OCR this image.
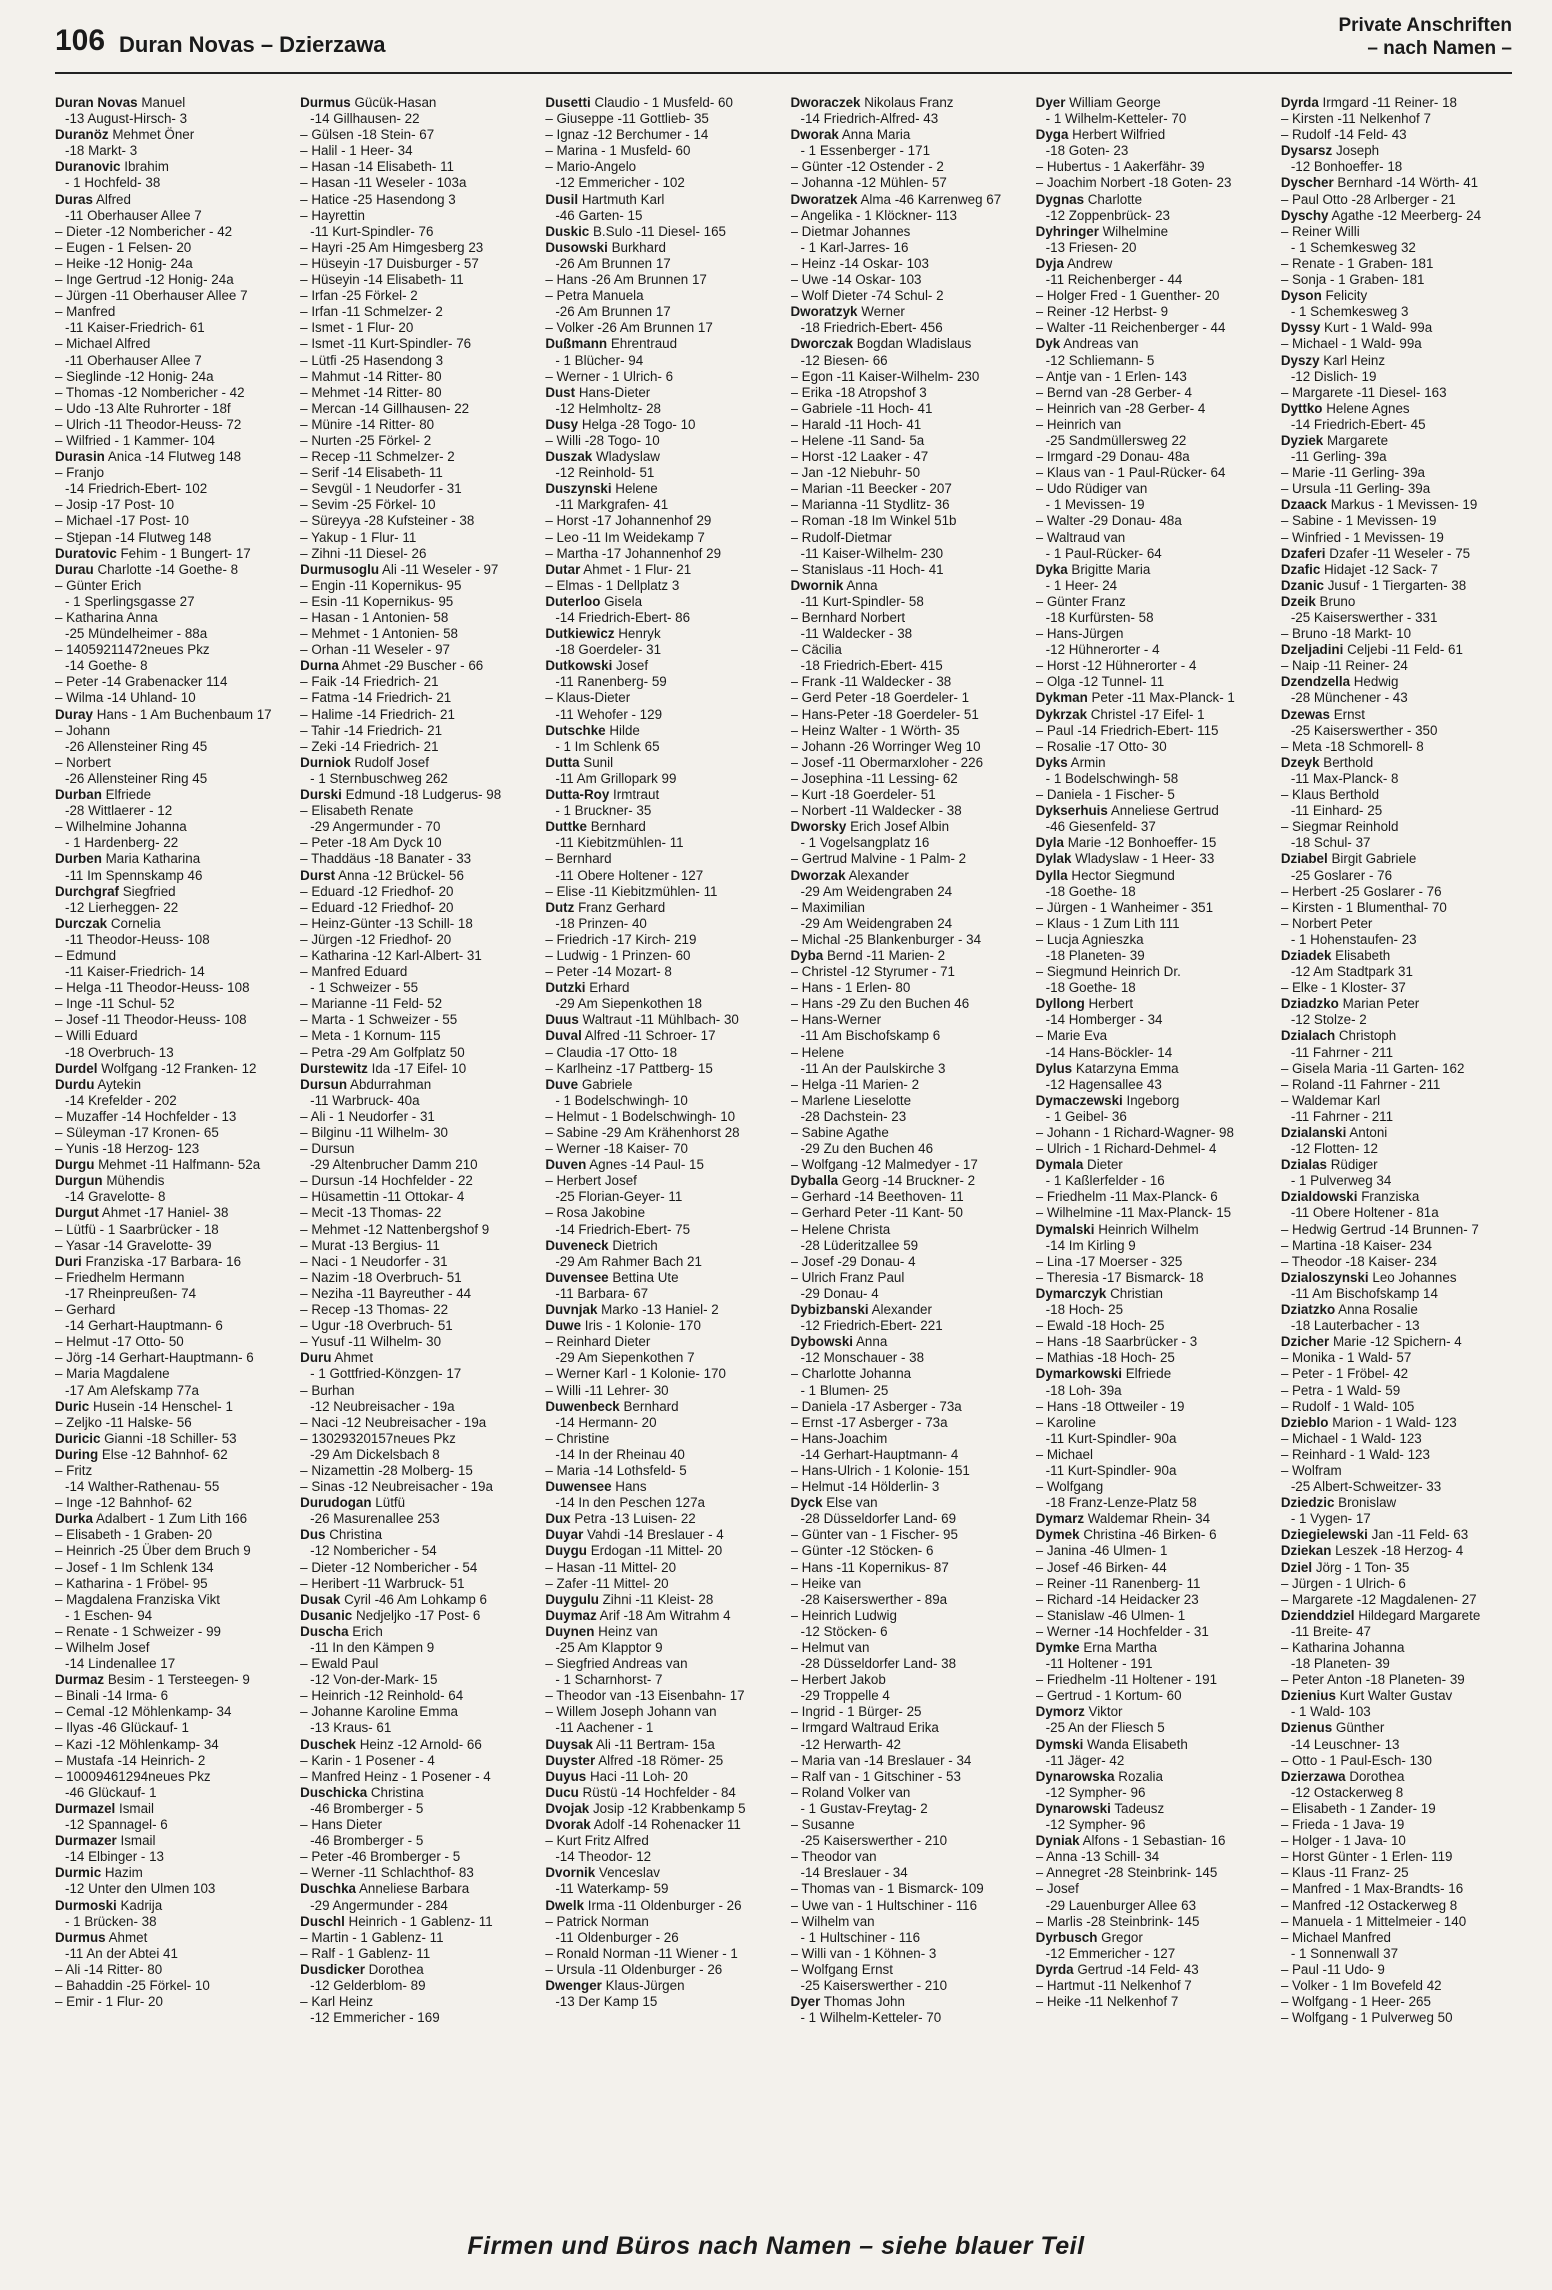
106 Duran Novas – Dzierzawa
Private Anschriften
– nach Namen –
Duran Novas Manuel
-13 August-Hirsch- 3
Duranöz Mehmet Öner
-18 Markt- 3
Duranovic Ibrahim
- 1 Hochfeld- 38
Duras Alfred
-11 Oberhauser Allee 7
– Dieter -12 Nombericher - 42
– Eugen - 1 Felsen- 20
– Heike -12 Honig- 24a
– Inge Gertrud -12 Honig- 24a
– Jürgen -11 Oberhauser Allee 7
– Manfred
-11 Kaiser-Friedrich- 61
– Michael Alfred
-11 Oberhauser Allee 7
– Sieglinde -12 Honig- 24a
– Thomas -12 Nombericher - 42
– Udo -13 Alte Ruhrorter - 18f
– Ulrich -11 Theodor-Heuss- 72
– Wilfried - 1 Kammer- 104
Durasin Anica -14 Flutweg 148
– Franjo
-14 Friedrich-Ebert- 102
– Josip -17 Post- 10
– Michael -17 Post- 10
– Stjepan -14 Flutweg 148
Duratovic Fehim - 1 Bungert- 17
Durau Charlotte -14 Goethe- 8
– Günter Erich
- 1 Sperlingsgasse 27
– Katharina Anna
-25 Mündelheimer - 88a
– 14059211472neues Pkz
-14 Goethe- 8
– Peter -14 Grabenacker 114
– Wilma -14 Uhland- 10
Duray Hans - 1 Am Buchenbaum 17
– Johann
-26 Allensteiner Ring 45
– Norbert
-26 Allensteiner Ring 45
Durban Elfriede
-28 Wittlaerer - 12
– Wilhelmine Johanna
- 1 Hardenberg- 22
Durben Maria Katharina
-11 Im Spennskamp 46
Durchgraf Siegfried
-12 Lierheggen- 22
Durczak Cornelia
-11 Theodor-Heuss- 108
– Edmund
-11 Kaiser-Friedrich- 14
– Helga -11 Theodor-Heuss- 108
– Inge -11 Schul- 52
– Josef -11 Theodor-Heuss- 108
– Willi Eduard
-18 Overbruch- 13
Durdel Wolfgang -12 Franken- 12
Durdu Aytekin
-14 Krefelder - 202
– Muzaffer -14 Hochfelder - 13
– Süleyman -17 Kronen- 65
– Yunis -18 Herzog- 123
Durgu Mehmet -11 Halfmann- 52a
Durgun Mühendis
-14 Gravelotte- 8
Durgut Ahmet -17 Haniel- 38
– Lütfü - 1 Saarbrücker - 18
– Yasar -14 Gravelotte- 39
Duri Franziska -17 Barbara- 16
– Friedhelm Hermann
-17 Rheinpreußen- 74
– Gerhard
-14 Gerhart-Hauptmann- 6
– Helmut -17 Otto- 50
– Jörg -14 Gerhart-Hauptmann- 6
– Maria Magdalene
-17 Am Alefskamp 77a
Duric Husein -14 Henschel- 1
– Zeljko -11 Halske- 56
Duricic Gianni -18 Schiller- 53
During Else -12 Bahnhof- 62
– Fritz
-14 Walther-Rathenau- 55
– Inge -12 Bahnhof- 62
Durka Adalbert - 1 Zum Lith 166
– Elisabeth - 1 Graben- 20
– Heinrich -25 Über dem Bruch 9
– Josef - 1 Im Schlenk 134
– Katharina - 1 Fröbel- 95
– Magdalena Franziska Vikt
- 1 Eschen- 94
– Renate - 1 Schweizer - 99
– Wilhelm Josef
-14 Lindenallee 17
Durmaz Besim - 1 Tersteegen- 9
– Binali -14 Irma- 6
– Cemal -12 Möhlenkamp- 34
– Ilyas -46 Glückauf- 1
– Kazi -12 Möhlenkamp- 34
– Mustafa -14 Heinrich- 2
– 10009461294neues Pkz
-46 Glückauf- 1
Durmazel Ismail
-12 Spannagel- 6
Durmazer Ismail
-14 Elbinger - 13
Durmic Hazim
-12 Unter den Ulmen 103
Durmoski Kadrija
- 1 Brücken- 38
Durmus Ahmet
-11 An der Abtei 41
– Ali -14 Ritter- 80
– Bahaddin -25 Förkel- 10
– Emir - 1 Flur- 20
Durmus Gücük-Hasan
-14 Gillhausen- 22
– Gülsen -18 Stein- 67
– Halil - 1 Heer- 34
– Hasan -14 Elisabeth- 11
– Hasan -11 Weseler - 103a
– Hatice -25 Hasendong 3
– Hayrettin
-11 Kurt-Spindler- 76
– Hayri -25 Am Himgesberg 23
– Hüseyin -17 Duisburger - 57
– Hüseyin -14 Elisabeth- 11
– Irfan -25 Förkel- 2
– Irfan -11 Schmelzer- 2
– Ismet - 1 Flur- 20
– Ismet -11 Kurt-Spindler- 76
– Lütfi -25 Hasendong 3
– Mahmut -14 Ritter- 80
– Mehmet -14 Ritter- 80
– Mercan -14 Gillhausen- 22
– Münire -14 Ritter- 80
– Nurten -25 Förkel- 2
– Recep -11 Schmelzer- 2
– Serif -14 Elisabeth- 11
– Sevgül - 1 Neudorfer - 31
– Sevim -25 Förkel- 10
– Süreyya -28 Kufsteiner - 38
– Yakup - 1 Flur- 11
– Zihni -11 Diesel- 26
Durmusoglu Ali -11 Weseler - 97
– Engin -11 Kopernikus- 95
– Esin -11 Kopernikus- 95
– Hasan - 1 Antonien- 58
– Mehmet - 1 Antonien- 58
– Orhan -11 Weseler - 97
Durna Ahmet -29 Buscher - 66
– Faik -14 Friedrich- 21
– Fatma -14 Friedrich- 21
– Halime -14 Friedrich- 21
– Tahir -14 Friedrich- 21
– Zeki -14 Friedrich- 21
Durniok Rudolf Josef
- 1 Sternbuschweg 262
Durski Edmund -18 Ludgerus- 98
– Elisabeth Renate
-29 Angermunder - 70
– Peter -18 Am Dyck 10
– Thaddäus -18 Banater - 33
Durst Anna -12 Brückel- 56
– Eduard -12 Friedhof- 20
– Eduard -12 Friedhof- 20
– Heinz-Günter -13 Schill- 18
– Jürgen -12 Friedhof- 20
– Katharina -12 Karl-Albert- 31
– Manfred Eduard
- 1 Schweizer - 55
– Marianne -11 Feld- 52
– Marta - 1 Schweizer - 55
– Meta - 1 Kornum- 115
– Petra -29 Am Golfplatz 50
Durstewitz Ida -17 Eifel- 10
Dursun Abdurrahman
-11 Warbruck- 40a
– Ali - 1 Neudorfer - 31
– Bilginu -11 Wilhelm- 30
– Dursun
-29 Altenbrucher Damm 210
– Dursun -14 Hochfelder - 22
– Hüsamettin -11 Ottokar- 4
– Mecit -13 Thomas- 22
– Mehmet -12 Nattenbergshof 9
– Murat -13 Bergius- 11
– Naci - 1 Neudorfer - 31
– Nazim -18 Overbruch- 51
– Neziha -11 Bayreuther - 44
– Recep -13 Thomas- 22
– Ugur -18 Overbruch- 51
– Yusuf -11 Wilhelm- 30
Duru Ahmet
- 1 Gottfried-Könzgen- 17
– Burhan
-12 Neubreisacher - 19a
– Naci -12 Neubreisacher - 19a
– 13029320157neues Pkz
-29 Am Dickelsbach 8
– Nizamettin -28 Molberg- 15
– Sinas -12 Neubreisacher - 19a
Durudogan Lütfü
-26 Masurenallee 253
Dus Christina
-12 Nombericher - 54
– Dieter -12 Nombericher - 54
– Heribert -11 Warbruck- 51
Dusak Cyril -46 Am Lohkamp 6
Dusanic Nedjeljko -17 Post- 6
Duscha Erich
-11 In den Kämpen 9
– Ewald Paul
-12 Von-der-Mark- 15
– Heinrich -12 Reinhold- 64
– Johanne Karoline Emma
-13 Kraus- 61
Duschek Heinz -12 Arnold- 66
– Karin - 1 Posener - 4
– Manfred Heinz - 1 Posener - 4
Duschicka Christina
-46 Bromberger - 5
– Hans Dieter
-46 Bromberger - 5
– Peter -46 Bromberger - 5
– Werner -11 Schlachthof- 83
Duschka Anneliese Barbara
-29 Angermunder - 284
Duschl Heinrich - 1 Gablenz- 11
– Martin - 1 Gablenz- 11
– Ralf - 1 Gablenz- 11
Dusdicker Dorothea
-12 Gelderblom- 89
– Karl Heinz
-12 Emmericher - 169
Dusetti Claudio - 1 Musfeld- 60
– Giuseppe -11 Gottlieb- 35
– Ignaz -12 Berchumer - 14
– Marina - 1 Musfeld- 60
– Mario-Angelo
-12 Emmericher - 102
Dusil Hartmuth Karl
-46 Garten- 15
Duskic B.Sulo -11 Diesel- 165
Dusowski Burkhard
-26 Am Brunnen 17
– Hans -26 Am Brunnen 17
– Petra Manuela
-26 Am Brunnen 17
– Volker -26 Am Brunnen 17
Dußmann Ehrentraud
- 1 Blücher- 94
– Werner - 1 Ulrich- 6
Dust Hans-Dieter
-12 Helmholtz- 28
Dusy Helga -28 Togo- 10
– Willi -28 Togo- 10
Duszak Wladyslaw
-12 Reinhold- 51
Duszynski Helene
-11 Markgrafen- 41
– Horst -17 Johannenhof 29
– Leo -11 Im Weidekamp 7
– Martha -17 Johannenhof 29
Dutar Ahmet - 1 Flur- 21
– Elmas - 1 Dellplatz 3
Duterloo Gisela
-14 Friedrich-Ebert- 86
Dutkiewicz Henryk
-18 Goerdeler- 31
Dutkowski Josef
-11 Ranenberg- 59
– Klaus-Dieter
-11 Wehofer - 129
Dutschke Hilde
- 1 Im Schlenk 65
Dutta Sunil
-11 Am Grillopark 99
Dutta-Roy Irmtraut
- 1 Bruckner- 35
Duttke Bernhard
-11 Kiebitzmühlen- 11
– Bernhard
-11 Obere Holtener - 127
– Elise -11 Kiebitzmühlen- 11
Dutz Franz Gerhard
-18 Prinzen- 40
– Friedrich -17 Kirch- 219
– Ludwig - 1 Prinzen- 60
– Peter -14 Mozart- 8
Dutzki Erhard
-29 Am Siepenkothen 18
Duus Waltraut -11 Mühlbach- 30
Duval Alfred -11 Schroer- 17
– Claudia -17 Otto- 18
– Karlheinz -17 Pattberg- 15
Duve Gabriele
- 1 Bodelschwingh- 10
– Helmut - 1 Bodelschwingh- 10
– Sabine -29 Am Krähenhorst 28
– Werner -18 Kaiser- 70
Duven Agnes -14 Paul- 15
– Herbert Josef
-25 Florian-Geyer- 11
– Rosa Jakobine
-14 Friedrich-Ebert- 75
Duveneck Dietrich
-29 Am Rahmer Bach 21
Duvensee Bettina Ute
-11 Barbara- 67
Duvnjak Marko -13 Haniel- 2
Duwe Iris - 1 Kolonie- 170
– Reinhard Dieter
-29 Am Siepenkothen 7
– Werner Karl - 1 Kolonie- 170
– Willi -11 Lehrer- 30
Duwenbeck Bernhard
-14 Hermann- 20
– Christine
-14 In der Rheinau 40
– Maria -14 Lothsfeld- 5
Duwensee Hans
-14 In den Peschen 127a
Dux Petra -13 Luisen- 22
Duyar Vahdi -14 Breslauer - 4
Duygu Erdogan -11 Mittel- 20
– Hasan -11 Mittel- 20
– Zafer -11 Mittel- 20
Duygulu Zihni -11 Kleist- 28
Duymaz Arif -18 Am Witrahm 4
Duynen Heinz van
-25 Am Klapptor 9
– Siegfried Andreas van
- 1 Scharnhorst- 7
– Theodor van -13 Eisenbahn- 17
– Willem Joseph Johann van
-11 Aachener - 1
Duysak Ali -11 Bertram- 15a
Duyster Alfred -18 Römer- 25
Duyus Haci -11 Loh- 20
Ducu Rüstü -14 Hochfelder - 84
Dvojak Josip -12 Krabbenkamp 5
Dvorak Adolf -14 Rohenacker 11
– Kurt Fritz Alfred
-14 Theodor- 12
Dvornik Venceslav
-11 Waterkamp- 59
Dwelk Irma -11 Oldenburger - 26
– Patrick Norman
-11 Oldenburger - 26
– Ronald Norman -11 Wiener - 1
– Ursula -11 Oldenburger - 26
Dwenger Klaus-Jürgen
-13 Der Kamp 15
Dworaczek Nikolaus Franz
-14 Friedrich-Alfred- 43
Dworak Anna Maria
- 1 Essenberger - 171
– Günter -12 Ostender - 2
– Johanna -12 Mühlen- 57
Dworatzek Alma -46 Karrenweg 67
– Angelika - 1 Klöckner- 113
– Dietmar Johannes
- 1 Karl-Jarres- 16
– Heinz -14 Oskar- 103
– Uwe -14 Oskar- 103
– Wolf Dieter -74 Schul- 2
Dworatzyk Werner
-18 Friedrich-Ebert- 456
Dworczak Bogdan Wladislaus
-12 Biesen- 66
– Egon -11 Kaiser-Wilhelm- 230
– Erika -18 Atropshof 3
– Gabriele -11 Hoch- 41
– Harald -11 Hoch- 41
– Helene -11 Sand- 5a
– Horst -12 Laaker - 47
– Jan -12 Niebuhr- 50
– Marian -11 Beecker - 207
– Marianna -11 Stydlitz- 36
– Roman -18 Im Winkel 51b
– Rudolf-Dietmar
-11 Kaiser-Wilhelm- 230
– Stanislaus -11 Hoch- 41
Dwornik Anna
-11 Kurt-Spindler- 58
– Bernhard Norbert
-11 Waldecker - 38
– Cäcilia
-18 Friedrich-Ebert- 415
– Frank -11 Waldecker - 38
– Gerd Peter -18 Goerdeler- 1
– Hans-Peter -18 Goerdeler- 51
– Heinz Walter - 1 Wörth- 35
– Johann -26 Worringer Weg 10
– Josef -11 Obermarxloher - 226
– Josephina -11 Lessing- 62
– Kurt -18 Goerdeler- 51
– Norbert -11 Waldecker - 38
Dworsky Erich Josef Albin
- 1 Vogelsangplatz 16
– Gertrud Malvine - 1 Palm- 2
Dworzak Alexander
-29 Am Weidengraben 24
– Maximilian
-29 Am Weidengraben 24
– Michal -25 Blankenburger - 34
Dyba Bernd -11 Marien- 2
– Christel -12 Styrumer - 71
– Hans - 1 Erlen- 80
– Hans -29 Zu den Buchen 46
– Hans-Werner
-11 Am Bischofskamp 6
– Helene
-11 An der Paulskirche 3
– Helga -11 Marien- 2
– Marlene Lieselotte
-28 Dachstein- 23
– Sabine Agathe
-29 Zu den Buchen 46
– Wolfgang -12 Malmedyer - 17
Dyballa Georg -14 Bruckner- 2
– Gerhard -14 Beethoven- 11
– Gerhard Peter -11 Kant- 50
– Helene Christa
-28 Lüderitzallee 59
– Josef -29 Donau- 4
– Ulrich Franz Paul
-29 Donau- 4
Dybizbanski Alexander
-12 Friedrich-Ebert- 221
Dybowski Anna
-12 Monschauer - 38
– Charlotte Johanna
- 1 Blumen- 25
– Daniela -17 Asberger - 73a
– Ernst -17 Asberger - 73a
– Hans-Joachim
-14 Gerhart-Hauptmann- 4
– Hans-Ulrich - 1 Kolonie- 151
– Helmut -14 Hölderlin- 3
Dyck Else van
-28 Düsseldorfer Land- 69
– Günter van - 1 Fischer- 95
– Günter -12 Stöcken- 6
– Hans -11 Kopernikus- 87
– Heike van
-28 Kaiserswerther - 89a
– Heinrich Ludwig
-12 Stöcken- 6
– Helmut van
-28 Düsseldorfer Land- 38
– Herbert Jakob
-29 Troppelle 4
– Ingrid - 1 Bürger- 25
– Irmgard Waltraud Erika
-12 Herwarth- 42
– Maria van -14 Breslauer - 34
– Ralf van - 1 Gitschiner - 53
– Roland Volker van
- 1 Gustav-Freytag- 2
– Susanne
-25 Kaiserswerther - 210
– Theodor van
-14 Breslauer - 34
– Thomas van - 1 Bismarck- 109
– Uwe van - 1 Hultschiner - 116
– Wilhelm van
- 1 Hultschiner - 116
– Willi van - 1 Köhnen- 3
– Wolfgang Ernst
-25 Kaiserswerther - 210
Dyer Thomas John
- 1 Wilhelm-Ketteler- 70
Dyer William George
- 1 Wilhelm-Ketteler- 70
Dyga Herbert Wilfried
-18 Goten- 23
– Hubertus - 1 Aakerfähr- 39
– Joachim Norbert -18 Goten- 23
Dygnas Charlotte
-12 Zoppenbrück- 23
Dyhringer Wilhelmine
-13 Friesen- 20
Dyja Andrew
-11 Reichenberger - 44
– Holger Fred - 1 Guenther- 20
– Reiner -12 Herbst- 9
– Walter -11 Reichenberger - 44
Dyk Andreas van
-12 Schliemann- 5
– Antje van - 1 Erlen- 143
– Bernd van -28 Gerber- 4
– Heinrich van -28 Gerber- 4
– Heinrich van
-25 Sandmüllersweg 22
– Irmgard -29 Donau- 48a
– Klaus van - 1 Paul-Rücker- 64
– Udo Rüdiger van
- 1 Mevissen- 19
– Walter -29 Donau- 48a
– Waltraud van
- 1 Paul-Rücker- 64
Dyka Brigitte Maria
- 1 Heer- 24
– Günter Franz
-18 Kurfürsten- 58
– Hans-Jürgen
-12 Hühnerorter - 4
– Horst -12 Hühnerorter - 4
– Olga -12 Tunnel- 11
Dykman Peter -11 Max-Planck- 1
Dykrzak Christel -17 Eifel- 1
– Paul -14 Friedrich-Ebert- 115
– Rosalie -17 Otto- 30
Dyks Armin
- 1 Bodelschwingh- 58
– Daniela - 1 Fischer- 5
Dykserhuis Anneliese Gertrud
-46 Giesenfeld- 37
Dyla Marie -12 Bonhoeffer- 15
Dylak Wladyslaw - 1 Heer- 33
Dylla Hector Siegmund
-18 Goethe- 18
– Jürgen - 1 Wanheimer - 351
– Klaus - 1 Zum Lith 111
– Lucja Agnieszka
-18 Planeten- 39
– Siegmund Heinrich Dr.
-18 Goethe- 18
Dyllong Herbert
-14 Homberger - 34
– Marie Eva
-14 Hans-Böckler- 14
Dylus Katarzyna Emma
-12 Hagensallee 43
Dymaczewski Ingeborg
- 1 Geibel- 36
– Johann - 1 Richard-Wagner- 98
– Ulrich - 1 Richard-Dehmel- 4
Dymala Dieter
- 1 Kaßlerfelder - 16
– Friedhelm -11 Max-Planck- 6
– Wilhelmine -11 Max-Planck- 15
Dymalski Heinrich Wilhelm
-14 Im Kirling 9
– Lina -17 Moerser - 325
– Theresia -17 Bismarck- 18
Dymarczyk Christian
-18 Hoch- 25
– Ewald -18 Hoch- 25
– Hans -18 Saarbrücker - 3
– Mathias -18 Hoch- 25
Dymarkowski Elfriede
-18 Loh- 39a
– Hans -18 Ottweiler - 19
– Karoline
-11 Kurt-Spindler- 90a
– Michael
-11 Kurt-Spindler- 90a
– Wolfgang
-18 Franz-Lenze-Platz 58
Dymarz Waldemar Rhein- 34
Dymek Christina -46 Birken- 6
– Janina -46 Ulmen- 1
– Josef -46 Birken- 44
– Reiner -11 Ranenberg- 11
– Richard -14 Heidacker 23
– Stanislaw -46 Ulmen- 1
– Werner -14 Hochfelder - 31
Dymke Erna Martha
-11 Holtener - 191
– Friedhelm -11 Holtener - 191
– Gertrud - 1 Kortum- 60
Dymorz Viktor
-25 An der Fliesch 5
Dymski Wanda Elisabeth
-11 Jäger- 42
Dynarowska Rozalia
-12 Sympher- 96
Dynarowski Tadeusz
-12 Sympher- 96
Dyniak Alfons - 1 Sebastian- 16
– Anna -13 Schill- 34
– Annegret -28 Steinbrink- 145
– Josef
-29 Lauenburger Allee 63
– Marlis -28 Steinbrink- 145
Dyrbusch Gregor
-12 Emmericher - 127
Dyrda Gertrud -14 Feld- 43
– Hartmut -11 Nelkenhof 7
– Heike -11 Nelkenhof 7
Dyrda Irmgard -11 Reiner- 18
– Kirsten -11 Nelkenhof 7
– Rudolf -14 Feld- 43
Dysarsz Joseph
-12 Bonhoeffer- 18
Dyscher Bernhard -14 Wörth- 41
– Paul Otto -28 Arlberger - 21
Dyschy Agathe -12 Meerberg- 24
– Reiner Willi
- 1 Schemkesweg 32
– Renate - 1 Graben- 181
– Sonja - 1 Graben- 181
Dyson Felicity
- 1 Schemkesweg 3
Dyssy Kurt - 1 Wald- 99a
– Michael - 1 Wald- 99a
Dyszy Karl Heinz
-12 Dislich- 19
– Margarete -11 Diesel- 163
Dyttko Helene Agnes
-14 Friedrich-Ebert- 45
Dyziek Margarete
-11 Gerling- 39a
– Marie -11 Gerling- 39a
– Ursula -11 Gerling- 39a
Dzaack Markus - 1 Mevissen- 19
– Sabine - 1 Mevissen- 19
– Winfried - 1 Mevissen- 19
Dzaferi Dzafer -11 Weseler - 75
Dzafic Hidajet -12 Sack- 7
Dzanic Jusuf - 1 Tiergarten- 38
Dzeik Bruno
-25 Kaiserswerther - 331
– Bruno -18 Markt- 10
Dzeljadini Celjebi -11 Feld- 61
– Naip -11 Reiner- 24
Dzendzella Hedwig
-28 Münchener - 43
Dzewas Ernst
-25 Kaiserswerther - 350
– Meta -18 Schmorell- 8
Dzeyk Berthold
-11 Max-Planck- 8
– Klaus Berthold
-11 Einhard- 25
– Siegmar Reinhold
-18 Schul- 37
Dziabel Birgit Gabriele
-25 Goslarer - 76
– Herbert -25 Goslarer - 76
– Kirsten - 1 Blumenthal- 70
– Norbert Peter
- 1 Hohenstaufen- 23
Dziadek Elisabeth
-12 Am Stadtpark 31
– Elke - 1 Kloster- 37
Dziadzko Marian Peter
-12 Stolze- 2
Dzialach Christoph
-11 Fahrner - 211
– Gisela Maria -11 Garten- 162
– Roland -11 Fahrner - 211
– Waldemar Karl
-11 Fahrner - 211
Dzialanski Antoni
-12 Flotten- 12
Dzialas Rüdiger
- 1 Pulverweg 34
Dzialdowski Franziska
-11 Obere Holtener - 81a
– Hedwig Gertrud -14 Brunnen- 7
– Martina -18 Kaiser- 234
– Theodor -18 Kaiser- 234
Dzialoszynski Leo Johannes
-11 Am Bischofskamp 14
Dziatzko Anna Rosalie
-18 Lauterbacher - 13
Dzicher Marie -12 Spichern- 4
– Monika - 1 Wald- 57
– Peter - 1 Fröbel- 42
– Petra - 1 Wald- 59
– Rudolf - 1 Wald- 105
Dzieblo Marion - 1 Wald- 123
– Michael - 1 Wald- 123
– Reinhard - 1 Wald- 123
– Wolfram
-25 Albert-Schweitzer- 33
Dziedzic Bronislaw
- 1 Vygen- 17
Dziegielewski Jan -11 Feld- 63
Dziekan Leszek -18 Herzog- 4
Dziel Jörg - 1 Ton- 35
– Jürgen - 1 Ulrich- 6
– Margarete -12 Magdalenen- 27
Dzienddziel Hildegard Margarete
-11 Breite- 47
– Katharina Johanna
-18 Planeten- 39
– Peter Anton -18 Planeten- 39
Dzienius Kurt Walter Gustav
- 1 Wald- 103
Dzienus Günther
-14 Leuschner- 13
– Otto - 1 Paul-Esch- 130
Dzierzawa Dorothea
-12 Ostackerweg 8
– Elisabeth - 1 Zander- 19
– Frieda - 1 Java- 19
– Holger - 1 Java- 10
– Horst Günter - 1 Erlen- 119
– Klaus -11 Franz- 25
– Manfred - 1 Max-Brandts- 16
– Manfred -12 Ostackerweg 8
– Manuela - 1 Mittelmeier - 140
– Michael Manfred
- 1 Sonnenwall 37
– Paul -11 Udo- 9
– Volker - 1 Im Bovefeld 42
– Wolfgang - 1 Heer- 265
– Wolfgang - 1 Pulverweg 50
Firmen und Büros nach Namen – siehe blauer Teil
